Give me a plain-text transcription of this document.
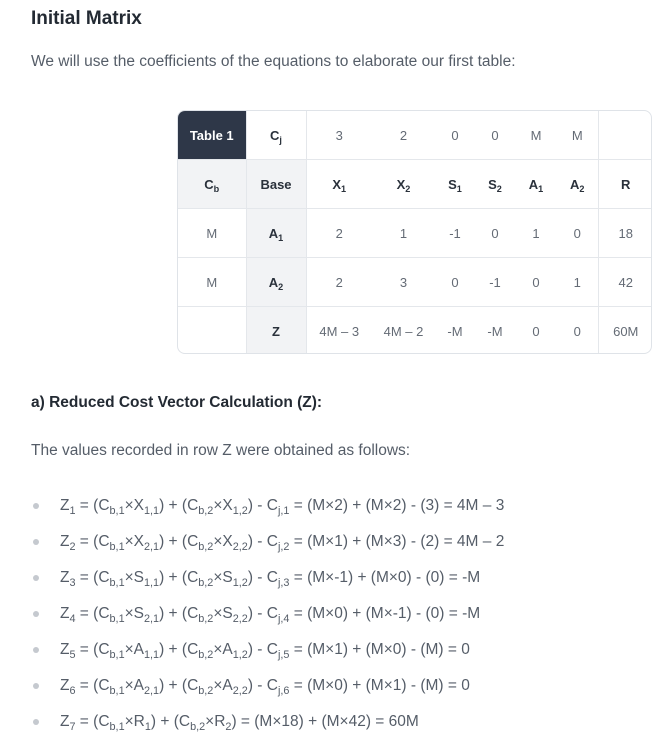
Initial Matrix
We will use the coefficients of the equations to elaborate our first table:
Table 1	$C_j$	3	2	0	0	M	M	
$C_b$	Base	$X_1$	$X_2$	$S_1$	$S_2$	$A_1$	$A_2$	R
M	$A_1$	2	1	-1	0	1	0	18
M	$A_2$	2	3	0	-1	0	1	42
	Z	4M – 3	4M – 2	-M	-M	0	0	60M
a) Reduced Cost Vector Calculation (Z):
The values recorded in row Z were obtained as follows:
$Z_1 = (C_{b,1}\times X_{1,1}) + (C_{b,2}\times X_{1,2}) - C_{j,1} = (M\times 2) + (M\times 2) - (3) = 4M - 3$
$Z_2 = (C_{b,1}\times X_{2,1}) + (C_{b,2}\times X_{2,2}) - C_{j,2} = (M\times 1) + (M\times 3) - (2) = 4M - 2$
$Z_3 = (C_{b,1}\times S_{1,1}) + (C_{b,2}\times S_{1,2}) - C_{j,3} = (M\times-1) + (M\times 0) - (0) = -M$
$Z_4 = (C_{b,1}\times S_{2,1}) + (C_{b,2}\times S_{2,2}) - C_{j,4} = (M\times 0) + (M\times-1) - (0) = -M$
$Z_5 = (C_{b,1}\times A_{1,1}) + (C_{b,2}\times A_{1,2}) - C_{j,5} = (M\times 1) + (M\times 0) - (M) = 0$
$Z_6 = (C_{b,1}\times A_{2,1}) + (C_{b,2}\times A_{2,2}) - C_{j,6} = (M\times 0) + (M\times 1) - (M) = 0$
$Z_7 = (C_{b,1}\times R_1) + (C_{b,2}\times R_2) = (M\times 18) + (M\times 42) = 60M$
